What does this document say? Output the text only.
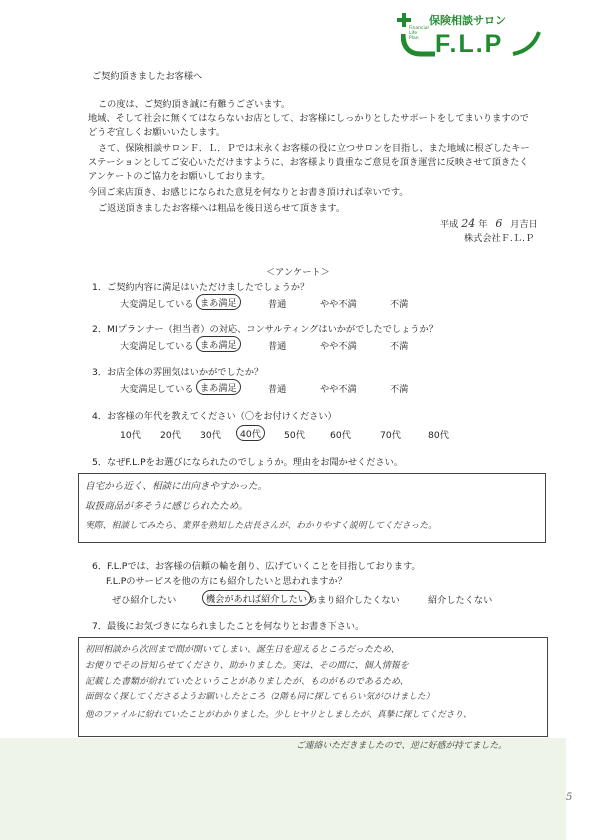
保険相談サロン
Financial
Life
Plan F.L.P
ご契約頂きましたお客様へ
この度は、ご契約頂き誠に有難うございます。
地域、そして社会に無くてはならないお店として、お客様にしっかりとしたサポートをしてまいりますので
どうぞ宜しくお願いいたします。
さて、保険相談サロンＦ．Ｌ．Ｐでは末永くお客様の役に立つサロンを目指し、また地域に根ざしたキー
ステーションとしてご安心いただけますように、お客様より貴重なご意見を頂き運営に反映させて頂きたく
アンケートのご協力をお願いしております。
今回ご来店頂き、お感じになられた意見を何なりとお書き頂ければ幸いです。
ご返送頂きましたお客様へは粗品を後日送らせて頂きます。
平成 24 年 6 月吉日
株式会社Ｆ.Ｌ.Ｐ
＜アンケート＞
1．ご契約内容に満足はいただけましたでしょうか？
大変満足している まあ満足	普通	やや不満	不満
2．MIプランナー（担当者）の対応、コンサルティングはいかがでしたでしょうか？
大変満足している まあ満足	普通	やや不満	不満
3．お店全体の雰囲気はいかがでしたか？
大変満足している まあ満足	普通	やや不満	不満
4．お客様の年代を教えてください（〇をお付けください）
10代 20代 30代	40代	50代	60代	70代	80代
5．なぜF.L.Pをお選びになられたのでしょうか。理由をお聞かせください。
自宅から近く、相談に出向きやすかった。
取扱商品が多そうに感じられたため。
実際、相談してみたら、業界を熟知した店長さんが、わかりやすく説明してくださった。
6．F.L.Pでは、お客様の信頼の輪を創り、広げていくことを目指しております。
F.L.Pのサービスを他の方にも紹介したいと思われますか？
ぜひ紹介したい	機会があれば紹介したい あまり紹介したくない	紹介したくない
7．最後にお気づきになられましたことを何なりとお書き下さい。
初回相談から次回まで間が開いてしまい、誕生日を迎えるところだったため、
お便りでその旨知らせてくださり、助かりました。実は、その間に、個人情報を
記載した書類が紛れていたということがありましたが、ものがものであるため、
面倒なく探してくださるようお願いしたところ（2階も同に探してもらい気がひけました）
他のファイルに紛れていたことがわかりました。少しヒヤリとしましたが、真摯に探してくださり、
ご連絡いただきましたので、逆に好感が持てました。
5
